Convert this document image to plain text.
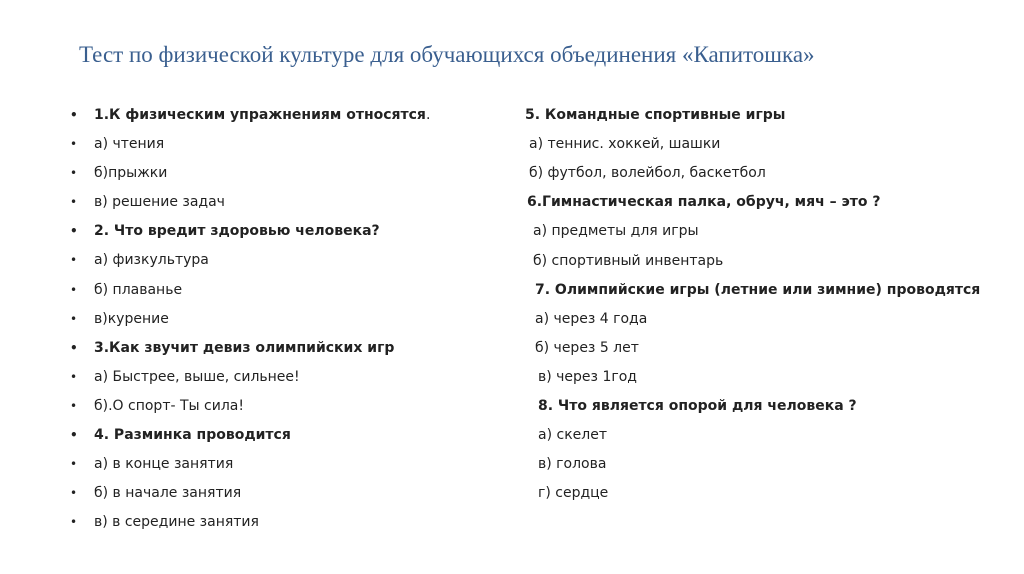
Тест по физической культуре для обучающихся объединения «Капитошка»
•	1.К физическим упражнениям относятся.
•	а) чтения
•	б)прыжки
•	в) решение задач
•	2. Что вредит здоровью человека?
•	а) физкультура
•	б) плаванье
•	в)курение
•	3.Как звучит девиз олимпийских игр
•	а) Быстрее, выше, сильнее!
•	б).О спорт- Ты сила!
•	4. Разминка проводится
•	а) в конце занятия
•	б) в начале занятия
•	в) в середине занятия
5. Командные спортивные игры
а) теннис. хоккей, шашки
б) футбол, волейбол, баскетбол
6.Гимнастическая палка, обруч, мяч – это ?
а) предметы для игры
б) спортивный инвентарь
7. Олимпийские игры (летние или зимние) проводятся
а) через 4 года
б) через 5 лет
в) через 1год
8. Что является опорой для человека ?
а) скелет
в) голова
г) сердце
